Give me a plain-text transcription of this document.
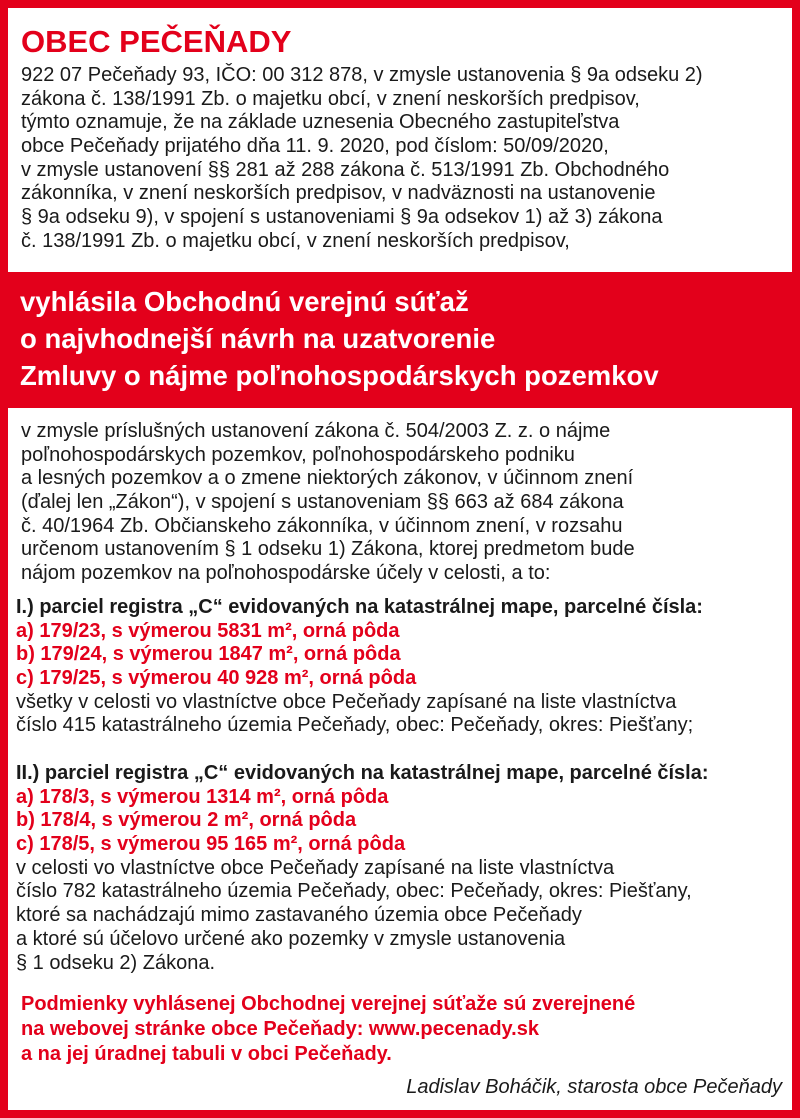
OBEC PEČEŇADY

922 07 Pečeňady 93, IČO: 00 312 878, v zmysle ustanovenia § 9a odseku 2)
zákona č. 138/1991 Zb. o majetku obcí, v znení neskorších predpisov,
týmto oznamuje, že na základe uznesenia Obecného zastupiteľstva
obce Pečeňady prijatého dňa 11. 9. 2020, pod číslom: 50/09/2020,
v zmysle ustanovení §§ 281 až 288 zákona č. 513/1991 Zb. Obchodného
zákonníka, v znení neskorších predpisov, v nadväznosti na ustanovenie
§ 9a odseku 9), v spojení s ustanoveniami § 9a odsekov 1) až 3) zákona
č. 138/1991 Zb. o majetku obcí, v znení neskorších predpisov,

vyhlásila Obchodnú verejnú súťaž
o najvhodnejší návrh na uzatvorenie
Zmluvy o nájme poľnohospodárskych pozemkov

v zmysle príslušných ustanovení zákona č. 504/2003 Z. z. o nájme
poľnohospodárskych pozemkov, poľnohospodárskeho podniku
a lesných pozemkov a o zmene niektorých zákonov, v účinnom znení
(ďalej len „Zákon“), v spojení s ustanoveniam §§ 663 až 684 zákona
č. 40/1964 Zb. Občianskeho zákonníka, v účinnom znení, v rozsahu
určenom ustanovením § 1 odseku 1) Zákona, ktorej predmetom bude
nájom pozemkov na poľnohospodárske účely v celosti, a to:

I.) parciel registra „C“ evidovaných na katastrálnej mape, parcelné čísla:
a) 179/23, s výmerou 5831 m², orná pôda
b) 179/24, s výmerou 1847 m², orná pôda
c) 179/25, s výmerou 40 928 m², orná pôda
všetky v celosti vo vlastníctve obce Pečeňady zapísané na liste vlastníctva
číslo 415 katastrálneho územia Pečeňady, obec: Pečeňady, okres: Piešťany;
II.) parciel registra „C“ evidovaných na katastrálnej mape, parcelné čísla:
a) 178/3, s výmerou 1314 m², orná pôda
b) 178/4, s výmerou 2 m², orná pôda
c) 178/5, s výmerou 95 165 m², orná pôda
v celosti vo vlastníctve obce Pečeňady zapísané na liste vlastníctva
číslo 782 katastrálneho územia Pečeňady, obec: Pečeňady, okres: Piešťany,
ktoré sa nachádzajú mimo zastavaného územia obce Pečeňady
a ktoré sú účelovo určené ako pozemky v zmysle ustanovenia
§ 1 odseku 2) Zákona.

Podmienky vyhlásenej Obchodnej verejnej súťaže sú zverejnené
na webovej stránke obce Pečeňady: www.pecenady.sk
a na jej úradnej tabuli v obci Pečeňady.

Ladislav Boháčik, starosta obce Pečeňady
